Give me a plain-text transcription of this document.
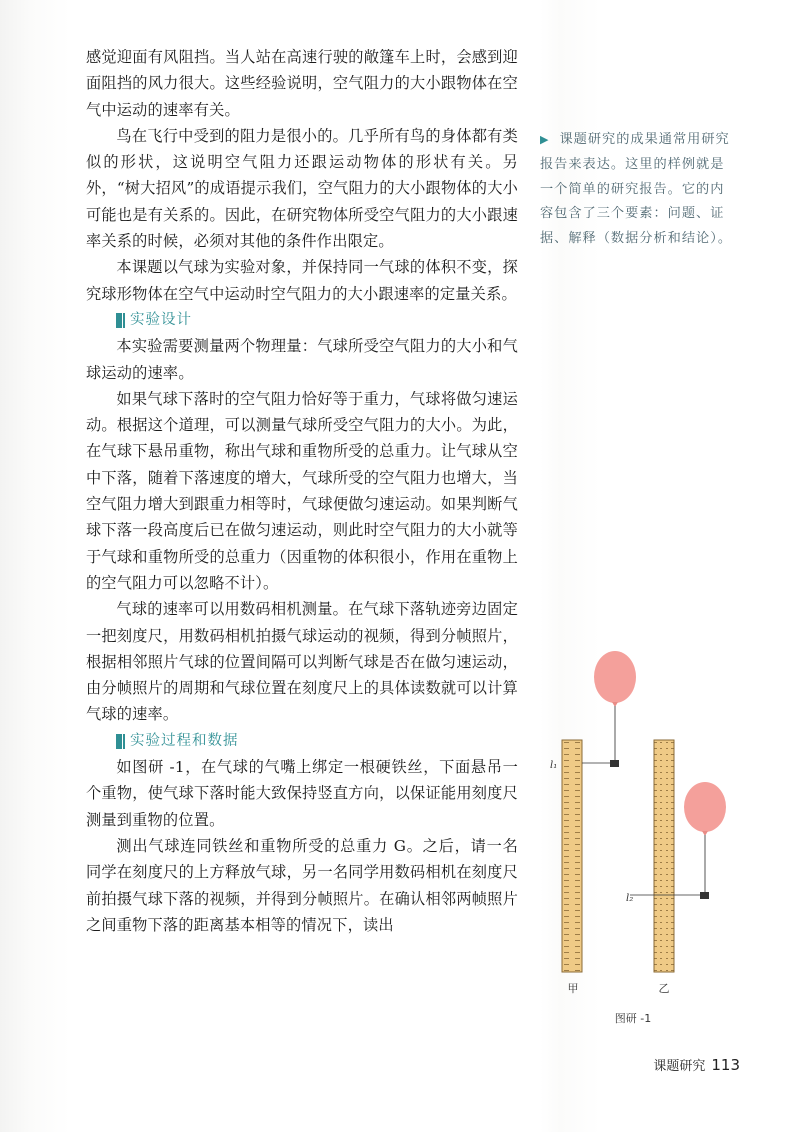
感觉迎面有风阻挡。当人站在高速行驶的敞篷车上时，会感到迎面阻挡的风力很大。这些经验说明，空气阻力的大小跟物体在空气中运动的速率有关。

鸟在飞行中受到的阻力是很小的。几乎所有鸟的身体都有类似的形状，这说明空气阻力还跟运动物体的形状有关。另外，“树大招风”的成语提示我们，空气阻力的大小跟物体的大小可能也是有关系的。因此，在研究物体所受空气阻力的大小跟速率关系的时候，必须对其他的条件作出限定。

本课题以气球为实验对象，并保持同一气球的体积不变，探究球形物体在空气中运动时空气阻力的大小跟速率的定量关系。

实验设计

本实验需要测量两个物理量：气球所受空气阻力的大小和气球运动的速率。

如果气球下落时的空气阻力恰好等于重力，气球将做匀速运动。根据这个道理，可以测量气球所受空气阻力的大小。为此，在气球下悬吊重物，称出气球和重物所受的总重力。让气球从空中下落，随着下落速度的增大，气球所受的空气阻力也增大，当空气阻力增大到跟重力相等时，气球便做匀速运动。如果判断气球下落一段高度后已在做匀速运动，则此时空气阻力的大小就等于气球和重物所受的总重力（因重物的体积很小，作用在重物上的空气阻力可以忽略不计）。

气球的速率可以用数码相机测量。在气球下落轨迹旁边固定一把刻度尺，用数码相机拍摄气球运动的视频，得到分帧照片，根据相邻照片气球的位置间隔可以判断气球是否在做匀速运动，由分帧照片的周期和气球位置在刻度尺上的具体读数就可以计算气球的速率。

实验过程和数据

如图研 -1，在气球的气嘴上绑定一根硬铁丝，下面悬吊一个重物，使气球下落时能大致保持竖直方向，以保证能用刻度尺测量到重物的位置。

测出气球连同铁丝和重物所受的总重力 G。之后，请一名同学在刻度尺的上方释放气球，另一名同学用数码相机在刻度尺前拍摄气球下落的视频，并得到分帧照片。在确认相邻两帧照片之间重物下落的距离基本相等的情况下，读出

▶ 课题研究的成果通常用研究报告来表达。这里的样例就是一个简单的研究报告。它的内容包含了三个要素：问题、证据、解释（数据分析和结论）。
l₁
l₂
甲	乙
图研 -1
课题研究 113
